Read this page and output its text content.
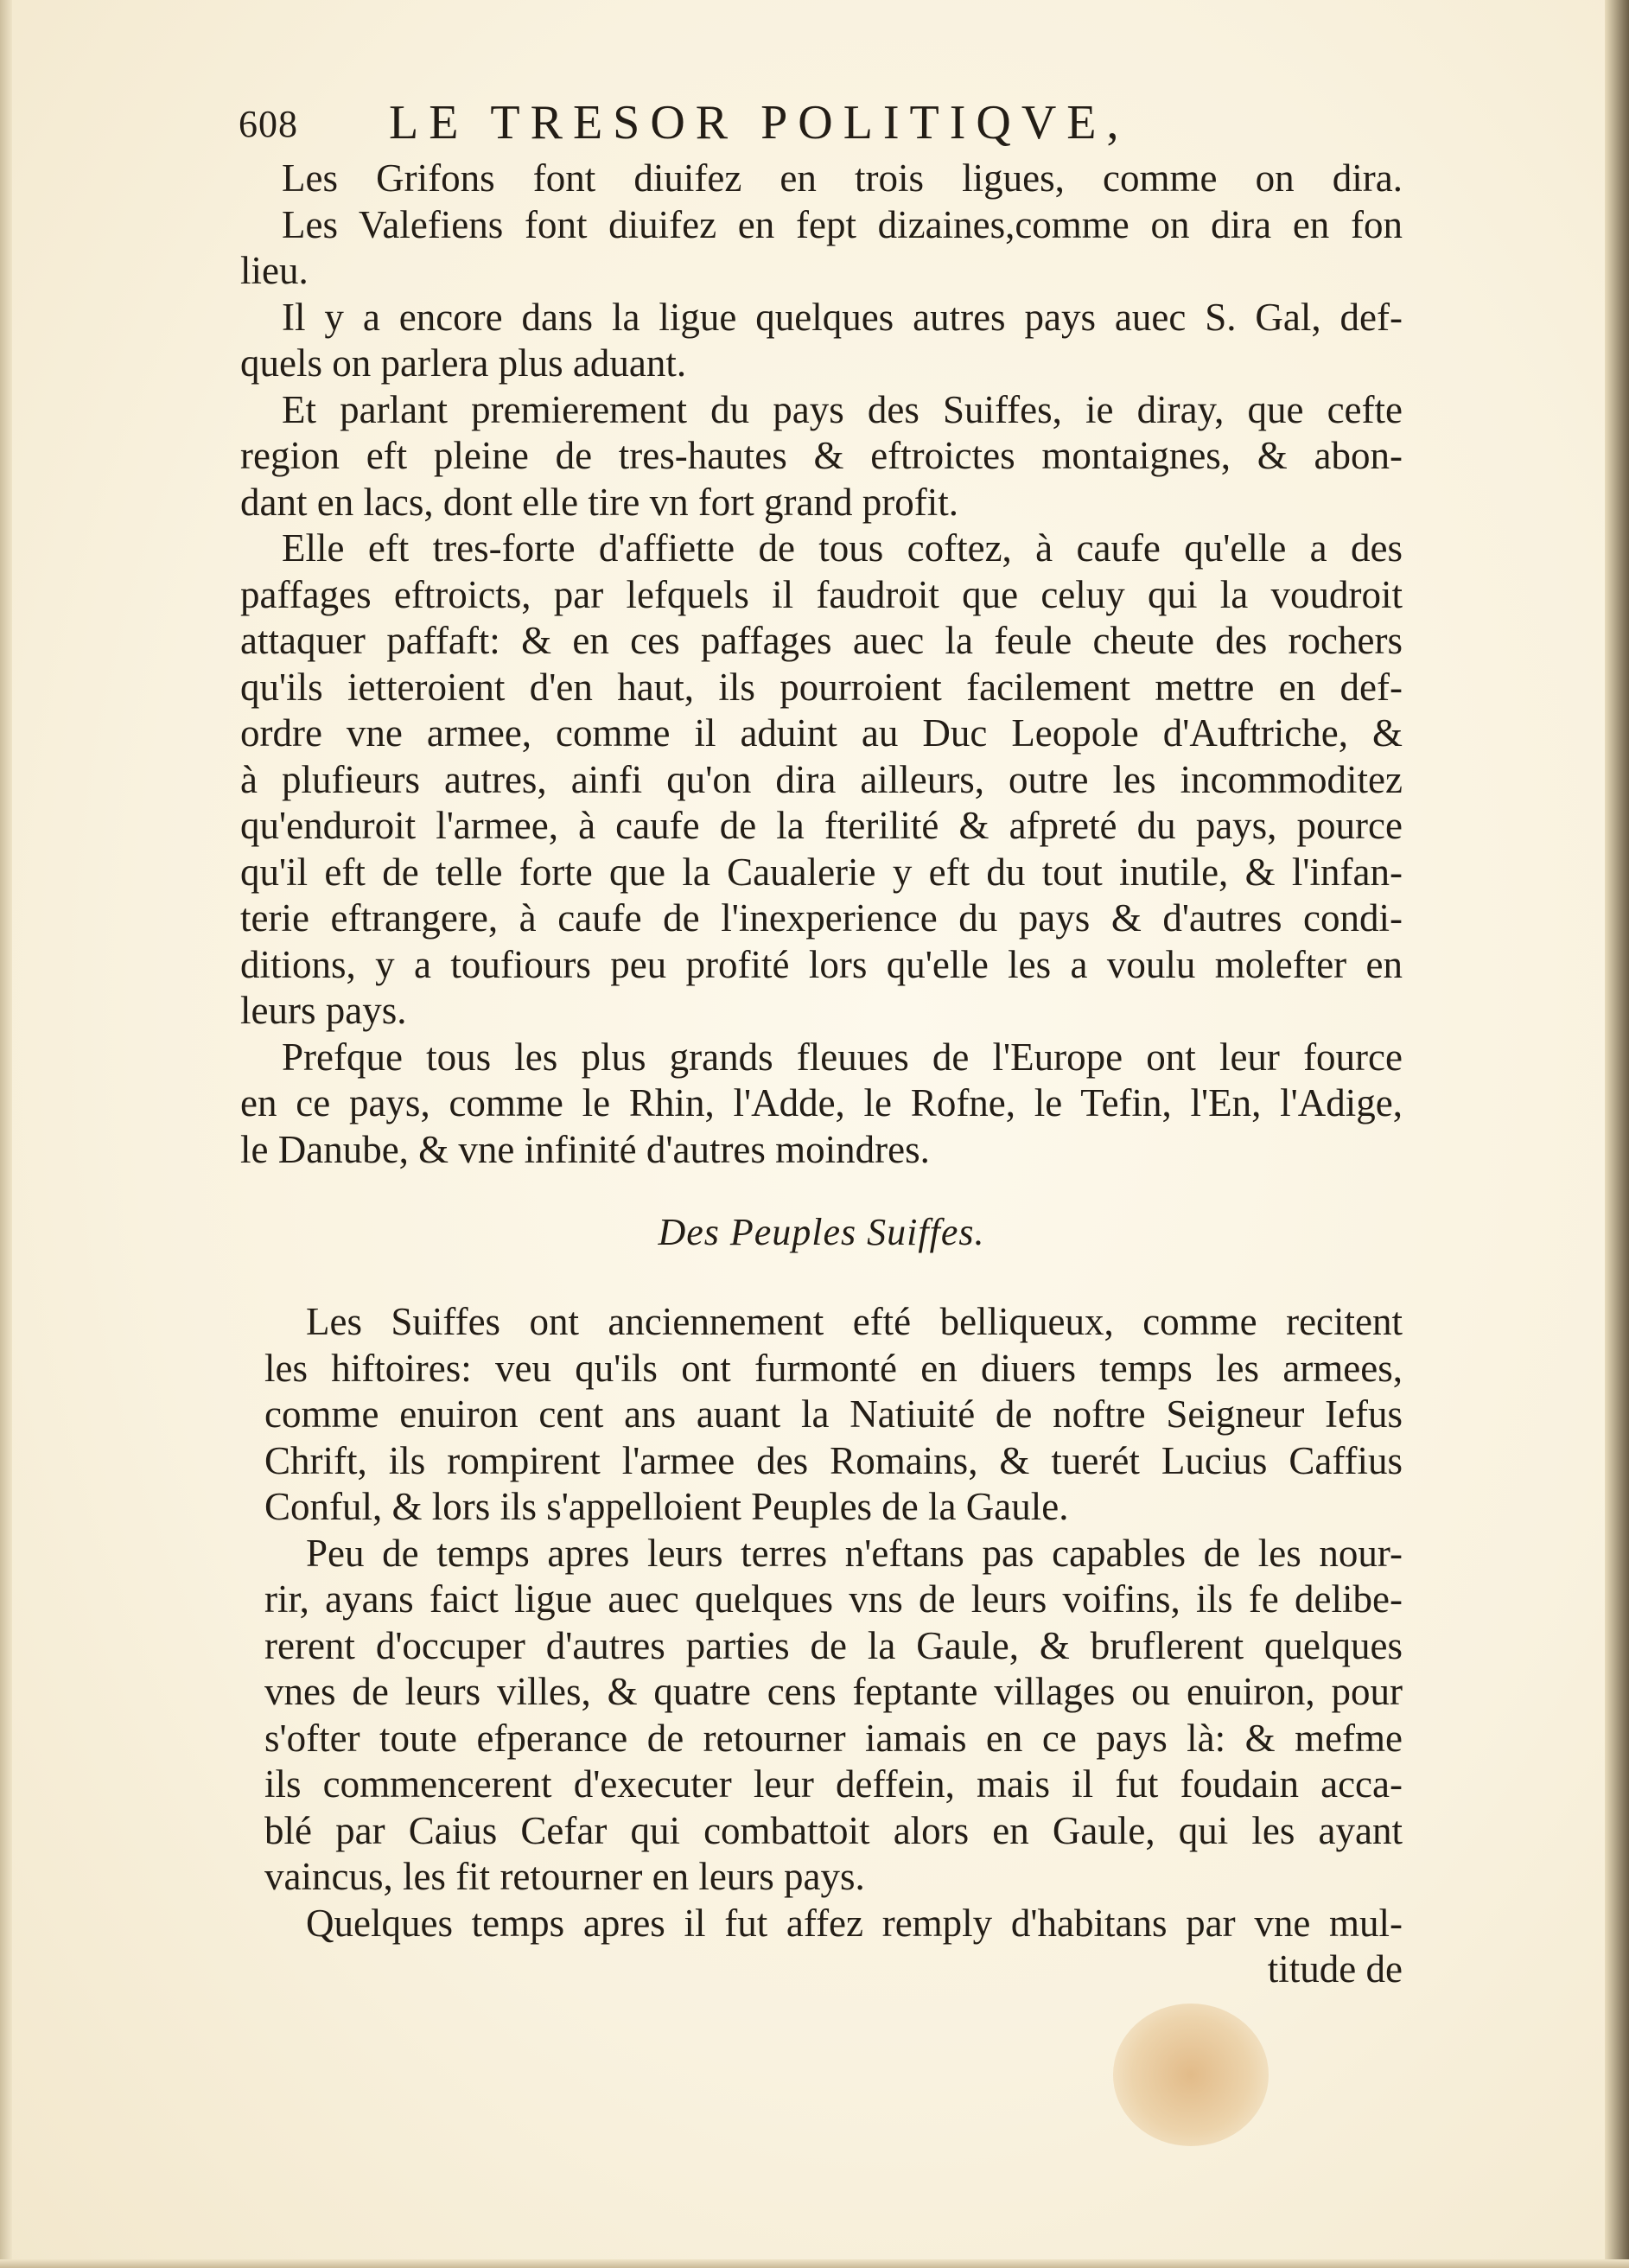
608 LE TRESOR POLITIQVE,
Les Grifons font diuifez en trois ligues, comme on dira.
Les Valefiens font diuifez en fept dizaines,comme on dira en fon
lieu.
Il y a encore dans la ligue quelques autres pays auec S. Gal, def-
quels on parlera plus aduant.
Et parlant premierement du pays des Suiffes, ie diray, que cefte
region eft pleine de tres-hautes & eftroictes montaignes, & abon-
dant en lacs, dont elle tire vn fort grand profit.
Elle eft tres-forte d'affiette de tous coftez, à caufe qu'elle a des
paffages eftroicts, par lefquels il faudroit que celuy qui la voudroit
attaquer paffaft: & en ces paffages auec la feule cheute des rochers
qu'ils ietteroient d'en haut, ils pourroient facilement mettre en def-
ordre vne armee, comme il aduint au Duc Leopole d'Auftriche, &
à plufieurs autres, ainfi qu'on dira ailleurs, outre les incommoditez
qu'enduroit l'armee, à caufe de la fterilité & afpreté du pays, pource
qu'il eft de telle forte que la Caualerie y eft du tout inutile, & l'infan-
terie eftrangere, à caufe de l'inexperience du pays & d'autres condi-
ditions, y a toufiours peu profité lors qu'elle les a voulu molefter en
leurs pays.
Prefque tous les plus grands fleuues de l'Europe ont leur fource
en ce pays, comme le Rhin, l'Adde, le Rofne, le Tefin, l'En, l'Adige,
le Danube, & vne infinité d'autres moindres.
Des Peuples Suiffes.
Les Suiffes ont anciennement efté belliqueux, comme recitent
les hiftoires: veu qu'ils ont furmonté en diuers temps les armees,
comme enuiron cent ans auant la Natiuité de noftre Seigneur Iefus
Chrift, ils rompirent l'armee des Romains, & tuerét Lucius Caffius
Conful, & lors ils s'appelloient Peuples de la Gaule.
Peu de temps apres leurs terres n'eftans pas capables de les nour-
rir, ayans faict ligue auec quelques vns de leurs voifins, ils fe delibe-
rerent d'occuper d'autres parties de la Gaule, & bruflerent quelques
vnes de leurs villes, & quatre cens feptante villages ou enuiron, pour
s'ofter toute efperance de retourner iamais en ce pays là: & mefme
ils commencerent d'executer leur deffein, mais il fut foudain acca-
blé par Caius Cefar qui combattoit alors en Gaule, qui les ayant
vaincus, les fit retourner en leurs pays.
Quelques temps apres il fut affez remply d'habitans par vne mul-
titude de
